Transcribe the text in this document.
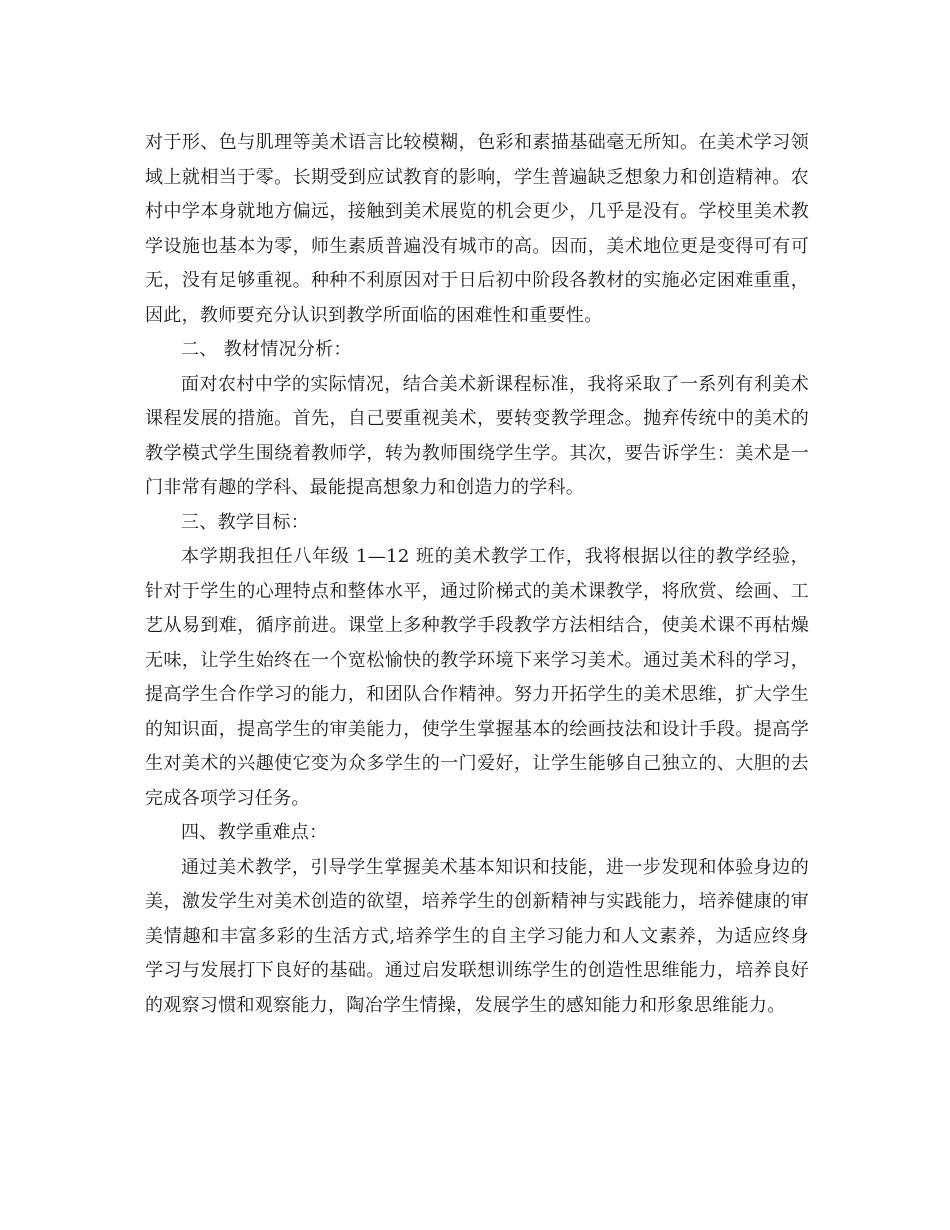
对于形、色与肌理等美术语言比较模糊，色彩和素描基础毫无所知。在美术学习领域上就相当于零。长期受到应试教育的影响，学生普遍缺乏想象力和创造精神。农村中学本身就地方偏远，接触到美术展览的机会更少，几乎是没有。学校里美术教学设施也基本为零，师生素质普遍没有城市的高。因而，美术地位更是变得可有可无，没有足够重视。种种不利原因对于日后初中阶段各教材的实施必定困难重重，因此，教师要充分认识到教学所面临的困难性和重要性。

二、 教材情况分析：

面对农村中学的实际情况，结合美术新课程标准，我将采取了一系列有利美术课程发展的措施。首先，自己要重视美术，要转变教学理念。抛弃传统中的美术的教学模式学生围绕着教师学，转为教师围绕学生学。其次，要告诉学生：美术是一门非常有趣的学科、最能提高想象力和创造力的学科。

三、教学目标：

本学期我担任八年级 1—12 班的美术教学工作，我将根据以往的教学经验，针对于学生的心理特点和整体水平，通过阶梯式的美术课教学，将欣赏、绘画、工艺从易到难，循序前进。课堂上多种教学手段教学方法相结合，使美术课不再枯燥无味，让学生始终在一个宽松愉快的教学环境下来学习美术。通过美术科的学习，提高学生合作学习的能力，和团队合作精神。努力开拓学生的美术思维，扩大学生的知识面，提高学生的审美能力，使学生掌握基本的绘画技法和设计手段。提高学生对美术的兴趣使它变为众多学生的一门爱好，让学生能够自己独立的、大胆的去完成各项学习任务。

四、教学重难点：

通过美术教学，引导学生掌握美术基本知识和技能，进一步发现和体验身边的美，激发学生对美术创造的欲望，培养学生的创新精神与实践能力，培养健康的审美情趣和丰富多彩的生活方式,培养学生的自主学习能力和人文素养，为适应终身学习与发展打下良好的基础。通过启发联想训练学生的创造性思维能力，培养良好的观察习惯和观察能力，陶冶学生情操，发展学生的感知能力和形象思维能力。
